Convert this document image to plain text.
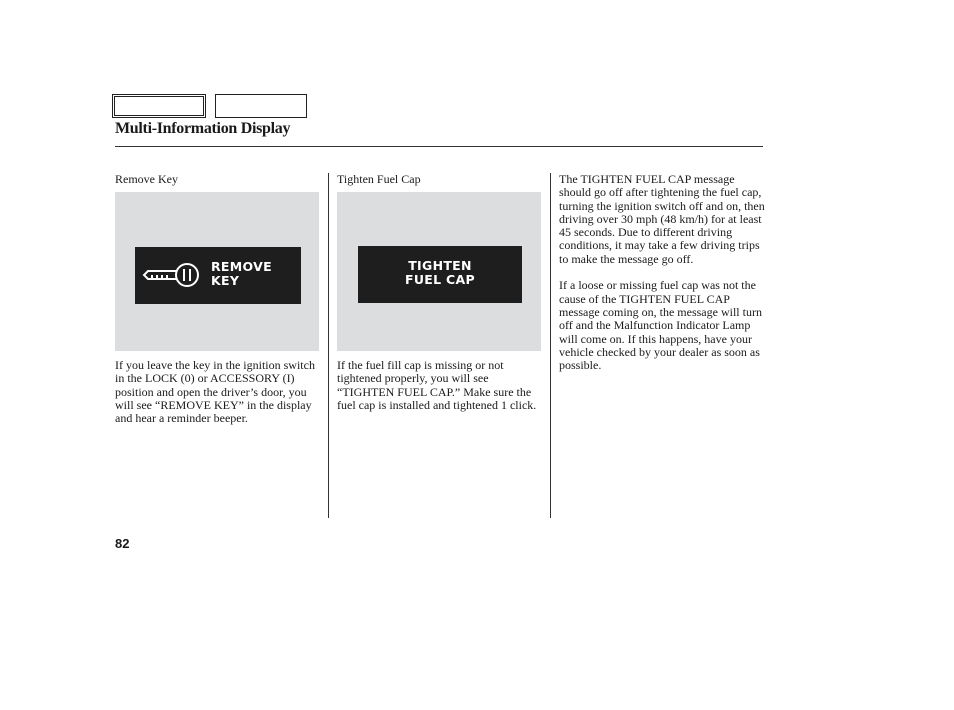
Multi-Information Display
Remove Key
REMOVE
KEY

If you leave the key in the ignition switch in the LOCK (0) or ACCESSORY (I) position and open the driver’s door, you will see “REMOVE KEY” in the display and hear a reminder beeper.

Tighten Fuel Cap
TIGHTEN
FUEL CAP

If the fuel fill cap is missing or not tightened properly, you will see “TIGHTEN FUEL CAP.” Make sure the fuel cap is installed and tightened 1 click.

The TIGHTEN FUEL CAP message should go off after tightening the fuel cap, turning the ignition switch off and on, then driving over 30 mph (48 km/h) for at least 45 seconds. Due to different driving conditions, it may take a few driving trips to make the message go off.

If a loose or missing fuel cap was not the cause of the TIGHTEN FUEL CAP message coming on, the message will turn off and the Malfunction Indicator Lamp will come on. If this happens, have your vehicle checked by your dealer as soon as possible.

82
